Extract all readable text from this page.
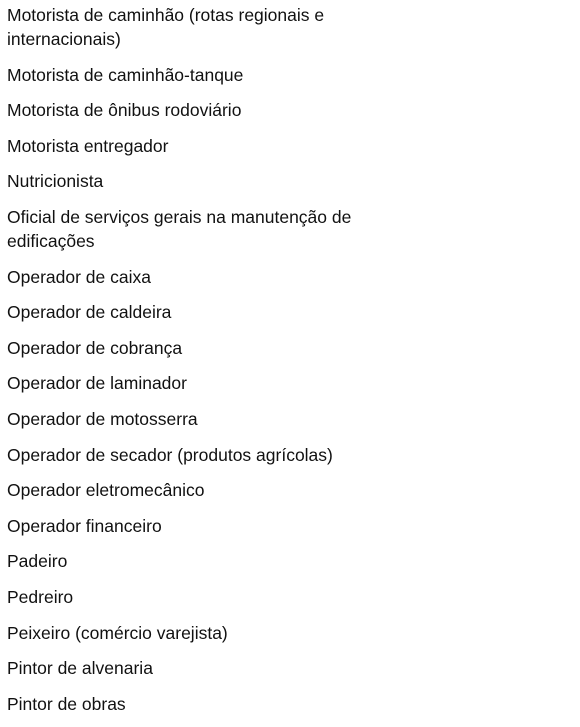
Motorista de caminhão (rotas regionais e internacionais)
Motorista de caminhão-tanque
Motorista de ônibus rodoviário
Motorista entregador
Nutricionista
Oficial de serviços gerais na manutenção de edificações
Operador de caixa
Operador de caldeira
Operador de cobrança
Operador de laminador
Operador de motosserra
Operador de secador (produtos agrícolas)
Operador eletromecânico
Operador financeiro
Padeiro
Pedreiro
Peixeiro (comércio varejista)
Pintor de alvenaria
Pintor de obras
